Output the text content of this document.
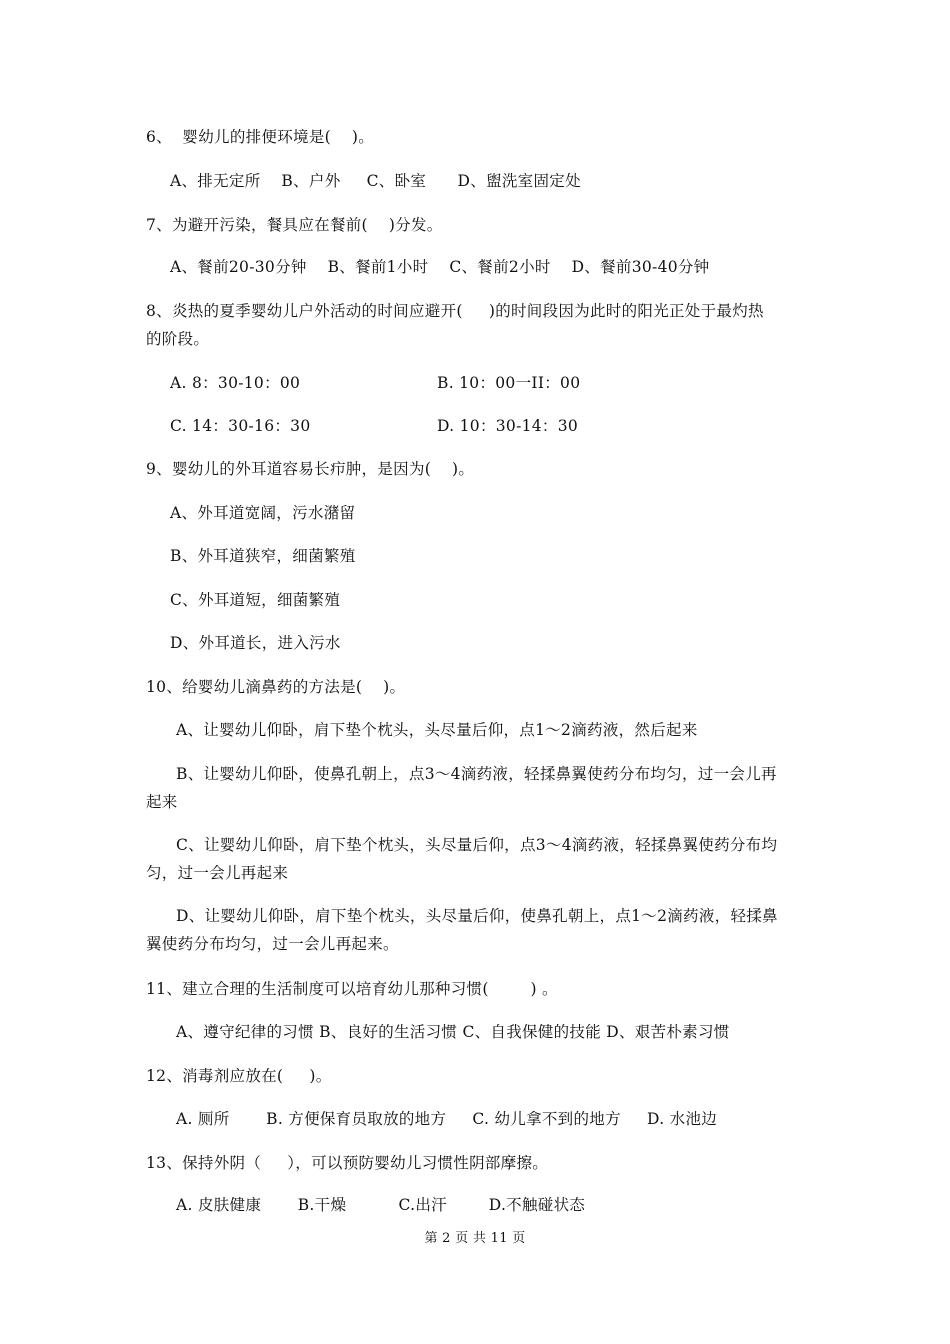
6、  婴幼儿的排便环境是(    )。

A、排无定所    B、户外     C、卧室      D、盥洗室固定处

7、为避开污染，餐具应在餐前(    )分发。

A、餐前20-30分钟    B、餐前1小时    C、餐前2小时    D、餐前30-40分钟

8、炎热的夏季婴幼儿户外活动的时间应避开(     )的时间段因为此时的阳光正处于最灼热

的阶段。

A. 8：30-10：00	B. 10：00一II：00

C. 14：30-16：30	D. 10：30-14：30

9、婴幼儿的外耳道容易长疖肿，是因为(    )。

A、外耳道宽阔，污水潴留

B、外耳道狭窄，细菌繁殖

C、外耳道短，细菌繁殖

D、外耳道长，进入污水

10、给婴幼儿滴鼻药的方法是(    )。

A、让婴幼儿仰卧，肩下垫个枕头，头尽量后仰，点1～2滴药液，然后起来

B、让婴幼儿仰卧，使鼻孔朝上，点3～4滴药液，轻揉鼻翼使药分布均匀，过一会儿再

起来

C、让婴幼儿仰卧，肩下垫个枕头，头尽量后仰，点3～4滴药液，轻揉鼻翼使药分布均

匀，过一会儿再起来

D、让婴幼儿仰卧，肩下垫个枕头，头尽量后仰，使鼻孔朝上，点1～2滴药液，轻揉鼻

翼使药分布均匀，过一会儿再起来。

11、建立合理的生活制度可以培育幼儿那种习惯(        ) 。

A、遵守纪律的习惯 B、良好的生活习惯 C、自我保健的技能 D、艰苦朴素习惯

12、消毒剂应放在(     )。

A. 厕所       B. 方便保育员取放的地方     C. 幼儿拿不到的地方     D. 水池边

13、保持外阴（     ），可以预防婴幼儿习惯性阴部摩擦。

A. 皮肤健康       B.干燥          C.出汗        D.不触碰状态

第 2 页 共 11 页
